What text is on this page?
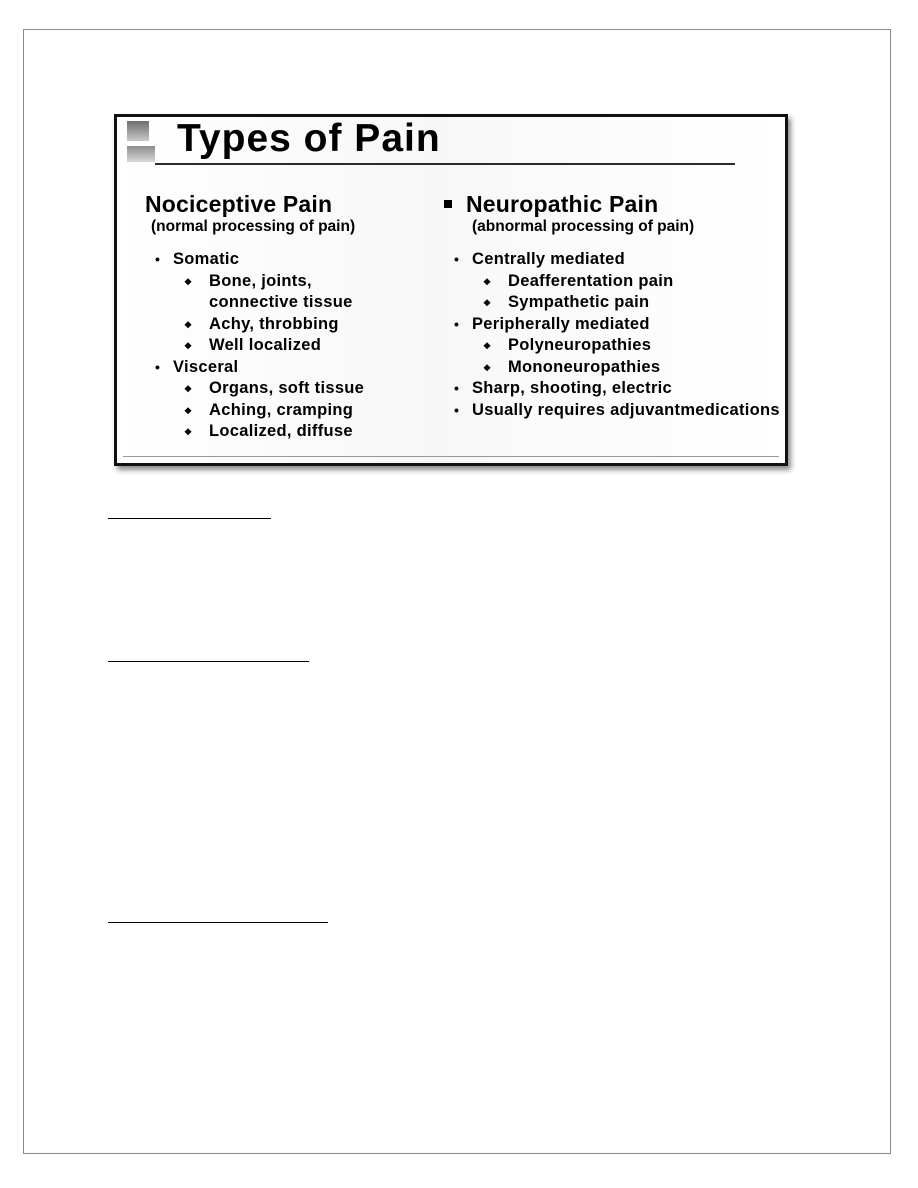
Types of Pain
Nociceptive Pain
(normal processing of pain)
• Somatic
❖ Bone, joints,
connective tissue
❖ Achy, throbbing
❖ Well localized
• Visceral
❖ Organs, soft tissue
❖ Aching, cramping
❖ Localized, diffuse
Neuropathic Pain
(abnormal processing of pain)
• Centrally mediated
❖ Deafferentation pain
❖ Sympathetic pain
• Peripherally mediated
❖ Polyneuropathies
❖ Mononeuropathies
• Sharp, shooting, electric
• Usually requires adjuvantmedications
